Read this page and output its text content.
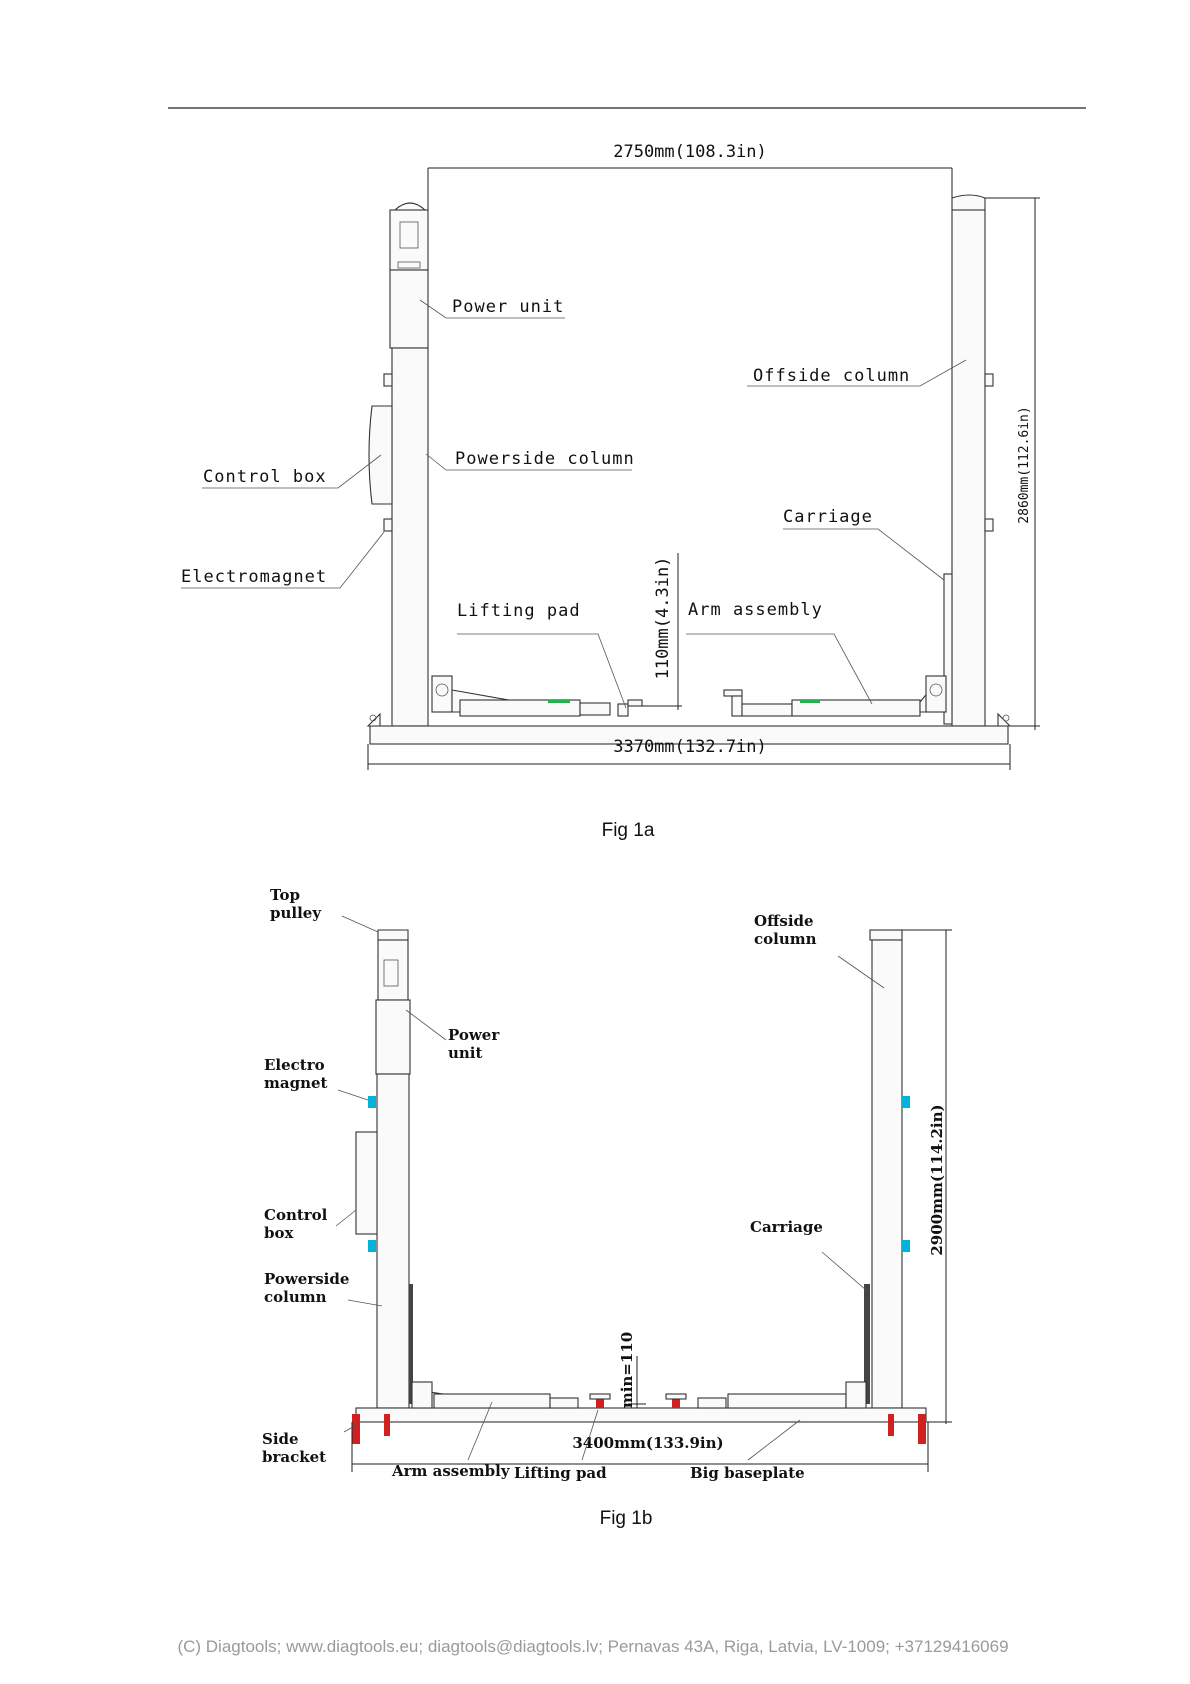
2750mm(108.3in)
2860mm(112.6in)
3370mm(132.7in)
110mm(4.3in)
Power unit
Offside column
Control box
Powerside column
Carriage
Electromagnet
Lifting pad	Arm assembly
Fig 1a
2900mm(114.2in)
min=110
3400mm(133.9in)
Top
pulley
Power
unit
Electro
magnet
Control
box
Powerside
column
Side
bracket
Offside
column
Carriage
Arm assembly Lifting pad	Big baseplate
Fig 1b
(C) Diagtools; www.diagtools.eu; diagtools@diagtools.lv; Pernavas 43A, Riga, Latvia, LV-1009; +37129416069
